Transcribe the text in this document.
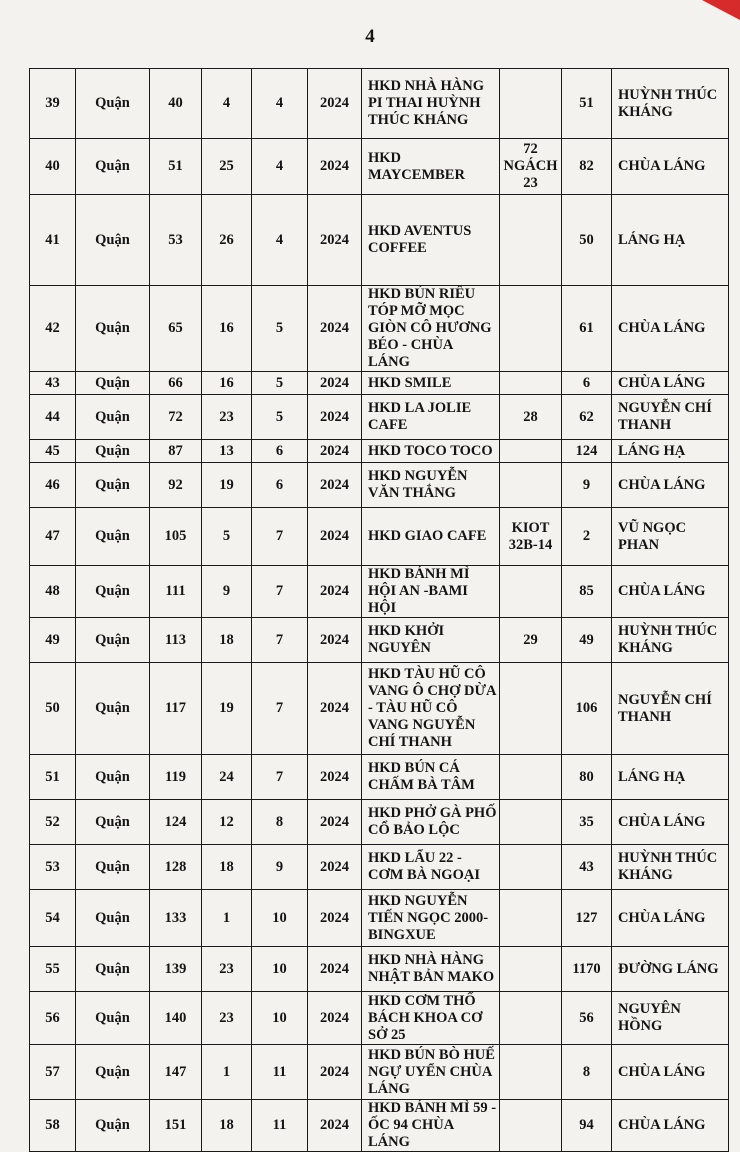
4
39	Quận	40	4	4	2024	HKD NHÀ HÀNG PI THAI HUỲNH THÚC KHÁNG		51	HUỲNH THÚC KHÁNG
40	Quận	51	25	4	2024	HKD MAYCEMBER	72 NGÁCH 23	82	CHÙA LÁNG
41	Quận	53	26	4	2024	HKD AVENTUS COFFEE		50	LÁNG HẠ
42	Quận	65	16	5	2024	HKD BÚN RIÊU TÓP MỠ MỌC GIÒN CÔ HƯƠNG BÉO - CHÙA LÁNG		61	CHÙA LÁNG
43	Quận	66	16	5	2024	HKD SMILE		6	CHÙA LÁNG
44	Quận	72	23	5	2024	HKD LA JOLIE CAFE	28	62	NGUYỄN CHÍ THANH
45	Quận	87	13	6	2024	HKD TOCO TOCO		124	LÁNG HẠ
46	Quận	92	19	6	2024	HKD NGUYỄN VĂN THẮNG		9	CHÙA LÁNG
47	Quận	105	5	7	2024	HKD GIAO CAFE	KIOT 32B-14	2	VŨ NGỌC PHAN
48	Quận	111	9	7	2024	HKD BÁNH MÌ HỘI AN -BAMI HỘI		85	CHÙA LÁNG
49	Quận	113	18	7	2024	HKD KHỞI NGUYÊN	29	49	HUỲNH THÚC KHÁNG
50	Quận	117	19	7	2024	HKD TÀU HŨ CÔ VANG Ô CHỢ DỪA - TÀU HŨ CÔ VANG NGUYỄN CHÍ THANH		106	NGUYỄN CHÍ THANH
51	Quận	119	24	7	2024	HKD BÚN CÁ CHẤM BÀ TÂM		80	LÁNG HẠ
52	Quận	124	12	8	2024	HKD PHỞ GÀ PHỐ CỔ BẢO LỘC		35	CHÙA LÁNG
53	Quận	128	18	9	2024	HKD LẨU 22 - CƠM BÀ NGOẠI		43	HUỲNH THÚC KHÁNG
54	Quận	133	1	10	2024	HKD NGUYỄN TIẾN NGỌC 2000-BINGXUE		127	CHÙA LÁNG
55	Quận	139	23	10	2024	HKD NHÀ HÀNG NHẬT BẢN MAKO		1170	ĐƯỜNG LÁNG
56	Quận	140	23	10	2024	HKD CƠM THỐ BÁCH KHOA CƠ SỞ 25		56	NGUYÊN HỒNG
57	Quận	147	1	11	2024	HKD BÚN BÒ HUẾ NGỰ UYỂN CHÙA LÁNG		8	CHÙA LÁNG
58	Quận	151	18	11	2024	HKD BÁNH MÌ 59 - ỐC 94 CHÙA LÁNG		94	CHÙA LÁNG
